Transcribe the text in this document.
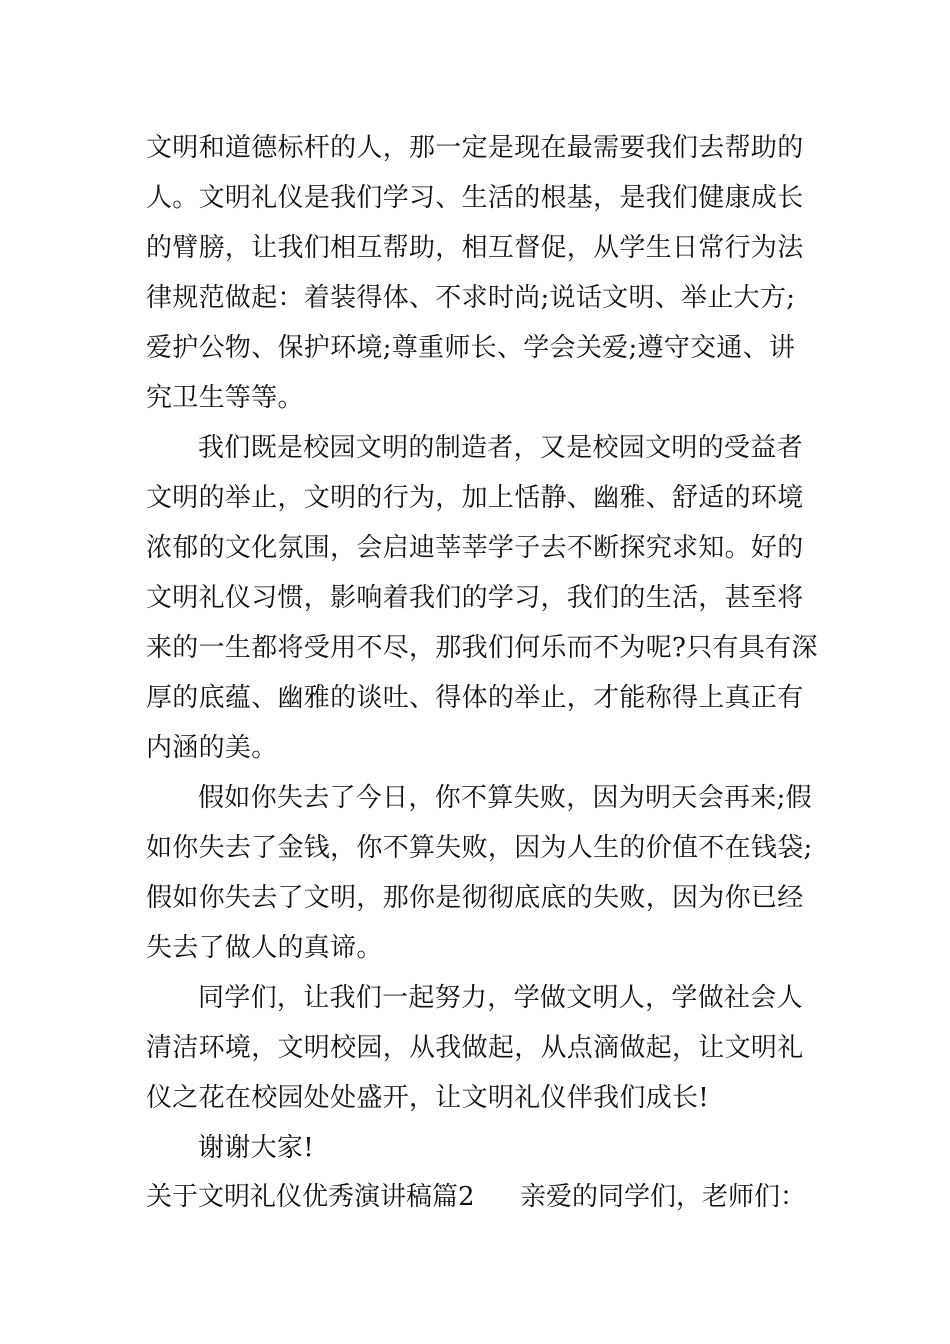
文明和道德标杆的人，那一定是现在最需要我们去帮助的
人。文明礼仪是我们学习、生活的根基，是我们健康成长
的臂膀，让我们相互帮助，相互督促，从学生日常行为法
律规范做起：着装得体、不求时尚;说话文明、举止大方;
爱护公物、保护环境;尊重师长、学会关爱;遵守交通、讲
究卫生等等。
我们既是校园文明的制造者，又是校园文明的受益者
文明的举止，文明的行为，加上恬静、幽雅、舒适的环境
浓郁的文化氛围，会启迪莘莘学子去不断探究求知。好的
文明礼仪习惯，影响着我们的学习，我们的生活，甚至将
来的一生都将受用不尽，那我们何乐而不为呢?只有具有深
厚的底蕴、幽雅的谈吐、得体的举止，才能称得上真正有
内涵的美。
假如你失去了今日，你不算失败，因为明天会再来;假
如你失去了金钱，你不算失败，因为人生的价值不在钱袋;
假如你失去了文明，那你是彻彻底底的失败，因为你已经
失去了做人的真谛。
同学们，让我们一起努力，学做文明人，学做社会人
清洁环境，文明校园，从我做起，从点滴做起，让文明礼
仪之花在校园处处盛开，让文明礼仪伴我们成长!
谢谢大家!
关于文明礼仪优秀演讲稿篇2 亲爱的同学们，老师们：
